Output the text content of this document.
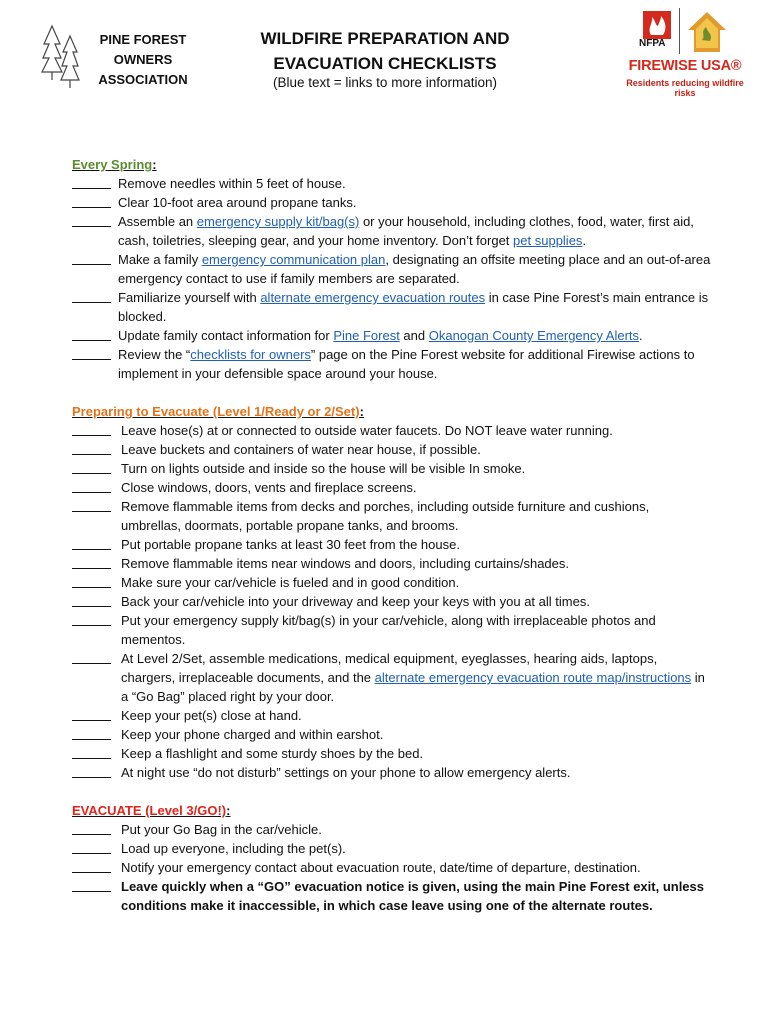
PINE FOREST
OWNERS
ASSOCIATION
WILDFIRE PREPARATION AND
EVACUATION CHECKLISTS
(Blue text = links to more information)
NFPA
FIREWISE USA®
Residents reducing wildfire risks

Every Spring:

Remove needles within 5 feet of house.
Clear 10-foot area around propane tanks.
Assemble an emergency supply kit/bag(s) or your household, including clothes, food, water, first aid, cash, toiletries, sleeping gear, and your home inventory. Don’t forget pet supplies.
Make a family emergency communication plan, designating an offsite meeting place and an out-of-area emergency contact to use if family members are separated.
Familiarize yourself with alternate emergency evacuation routes in case Pine Forest’s main entrance is blocked.
Update family contact information for Pine Forest and Okanogan County Emergency Alerts.
Review the “checklists for owners” page on the Pine Forest website for additional Firewise actions to implement in your defensible space around your house.

Preparing to Evacuate (Level 1/Ready or 2/Set):

Leave hose(s) at or connected to outside water faucets. Do NOT leave water running.
Leave buckets and containers of water near house, if possible.
Turn on lights outside and inside so the house will be visible In smoke.
Close windows, doors, vents and fireplace screens.
Remove flammable items from decks and porches, including outside furniture and cushions, umbrellas, doormats, portable propane tanks, and brooms.
Put portable propane tanks at least 30 feet from the house.
Remove flammable items near windows and doors, including curtains/shades.
Make sure your car/vehicle is fueled and in good condition.
Back your car/vehicle into your driveway and keep your keys with you at all times.
Put your emergency supply kit/bag(s) in your car/vehicle, along with irreplaceable photos and mementos.
At Level 2/Set, assemble medications, medical equipment, eyeglasses, hearing aids, laptops, chargers, irreplaceable documents, and the alternate emergency evacuation route map/instructions in a “Go Bag” placed right by your door.
Keep your pet(s) close at hand.
Keep your phone charged and within earshot.
Keep a flashlight and some sturdy shoes by the bed.
At night use “do not disturb” settings on your phone to allow emergency alerts.

EVACUATE (Level 3/GO!):

Put your Go Bag in the car/vehicle.
Load up everyone, including the pet(s).
Notify your emergency contact about evacuation route, date/time of departure, destination.
Leave quickly when a “GO” evacuation notice is given, using the main Pine Forest exit, unless conditions make it inaccessible, in which case leave using one of the alternate routes.
